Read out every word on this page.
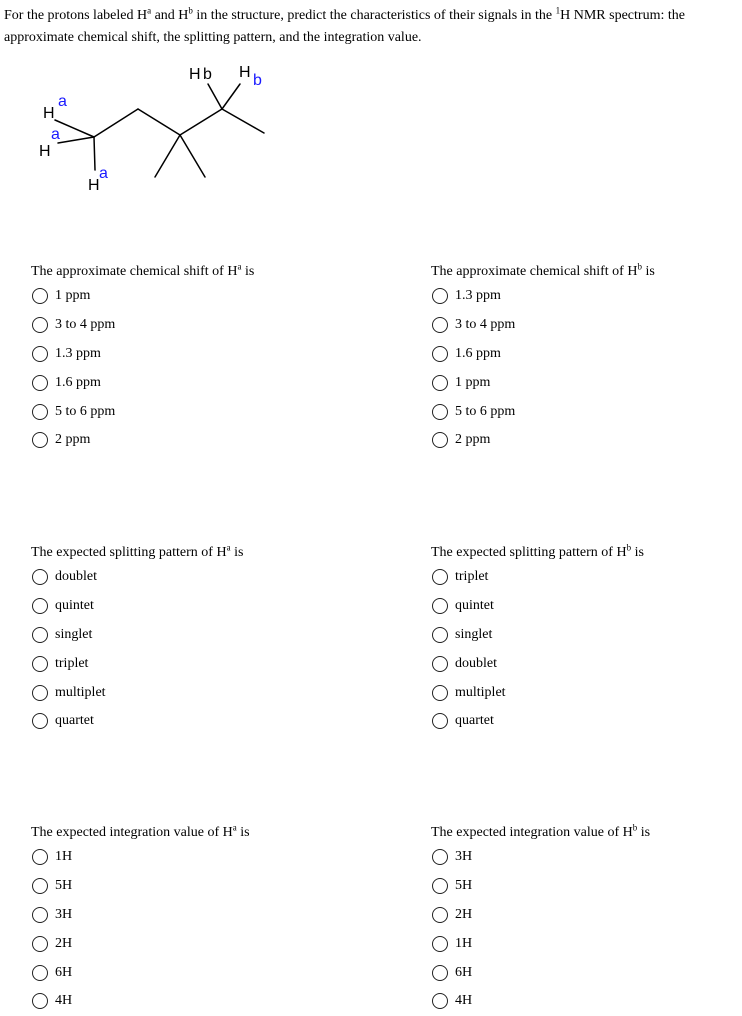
For the protons labeled $H^a$ and $H^b$ in the structure, predict the characteristics of their signals in the $^1$H NMR spectrum: the approximate chemical shift, the splitting pattern, and the integration value.

H b H b
H
a
H
a
H
a

The approximate chemical shift of $H^a$ is

1 ppm
3 to 4 ppm
1.3 ppm
1.6 ppm
5 to 6 ppm
2 ppm

The approximate chemical shift of $H^b$ is

1.3 ppm
3 to 4 ppm
1.6 ppm
1 ppm
5 to 6 ppm
2 ppm

The expected splitting pattern of $H^a$ is

doublet
quintet
singlet
triplet
multiplet
quartet

The expected splitting pattern of $H^b$ is

triplet
quintet
singlet
doublet
multiplet
quartet

The expected integration value of $H^a$ is

1H
5H
3H
2H
6H
4H

The expected integration value of $H^b$ is

3H
5H
2H
1H
6H
4H
